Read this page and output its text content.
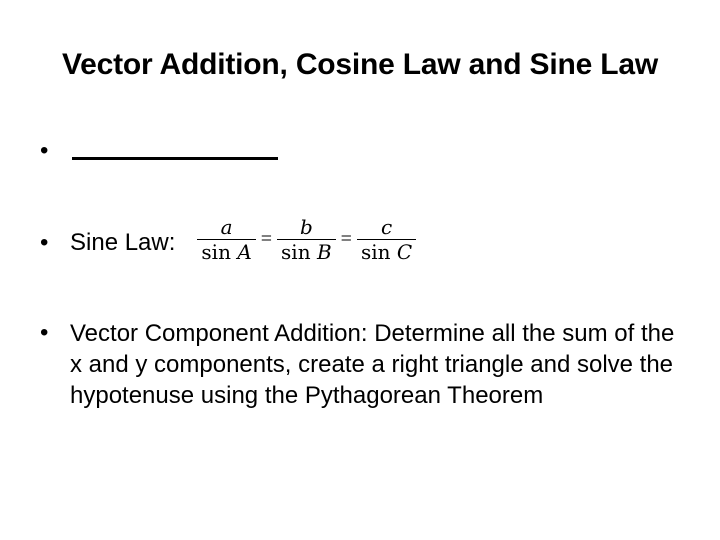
Vector Addition, Cosine Law and Sine Law
•
• Sine Law: $\frac{a}{\text{sin A}} = \frac{b}{\text{sin B}} = \frac{c}{\text{sin C}}$
• Vector Component Addition: Determine all the sum of the x and y components, create a right triangle and solve the hypotenuse using the Pythagorean Theorem
